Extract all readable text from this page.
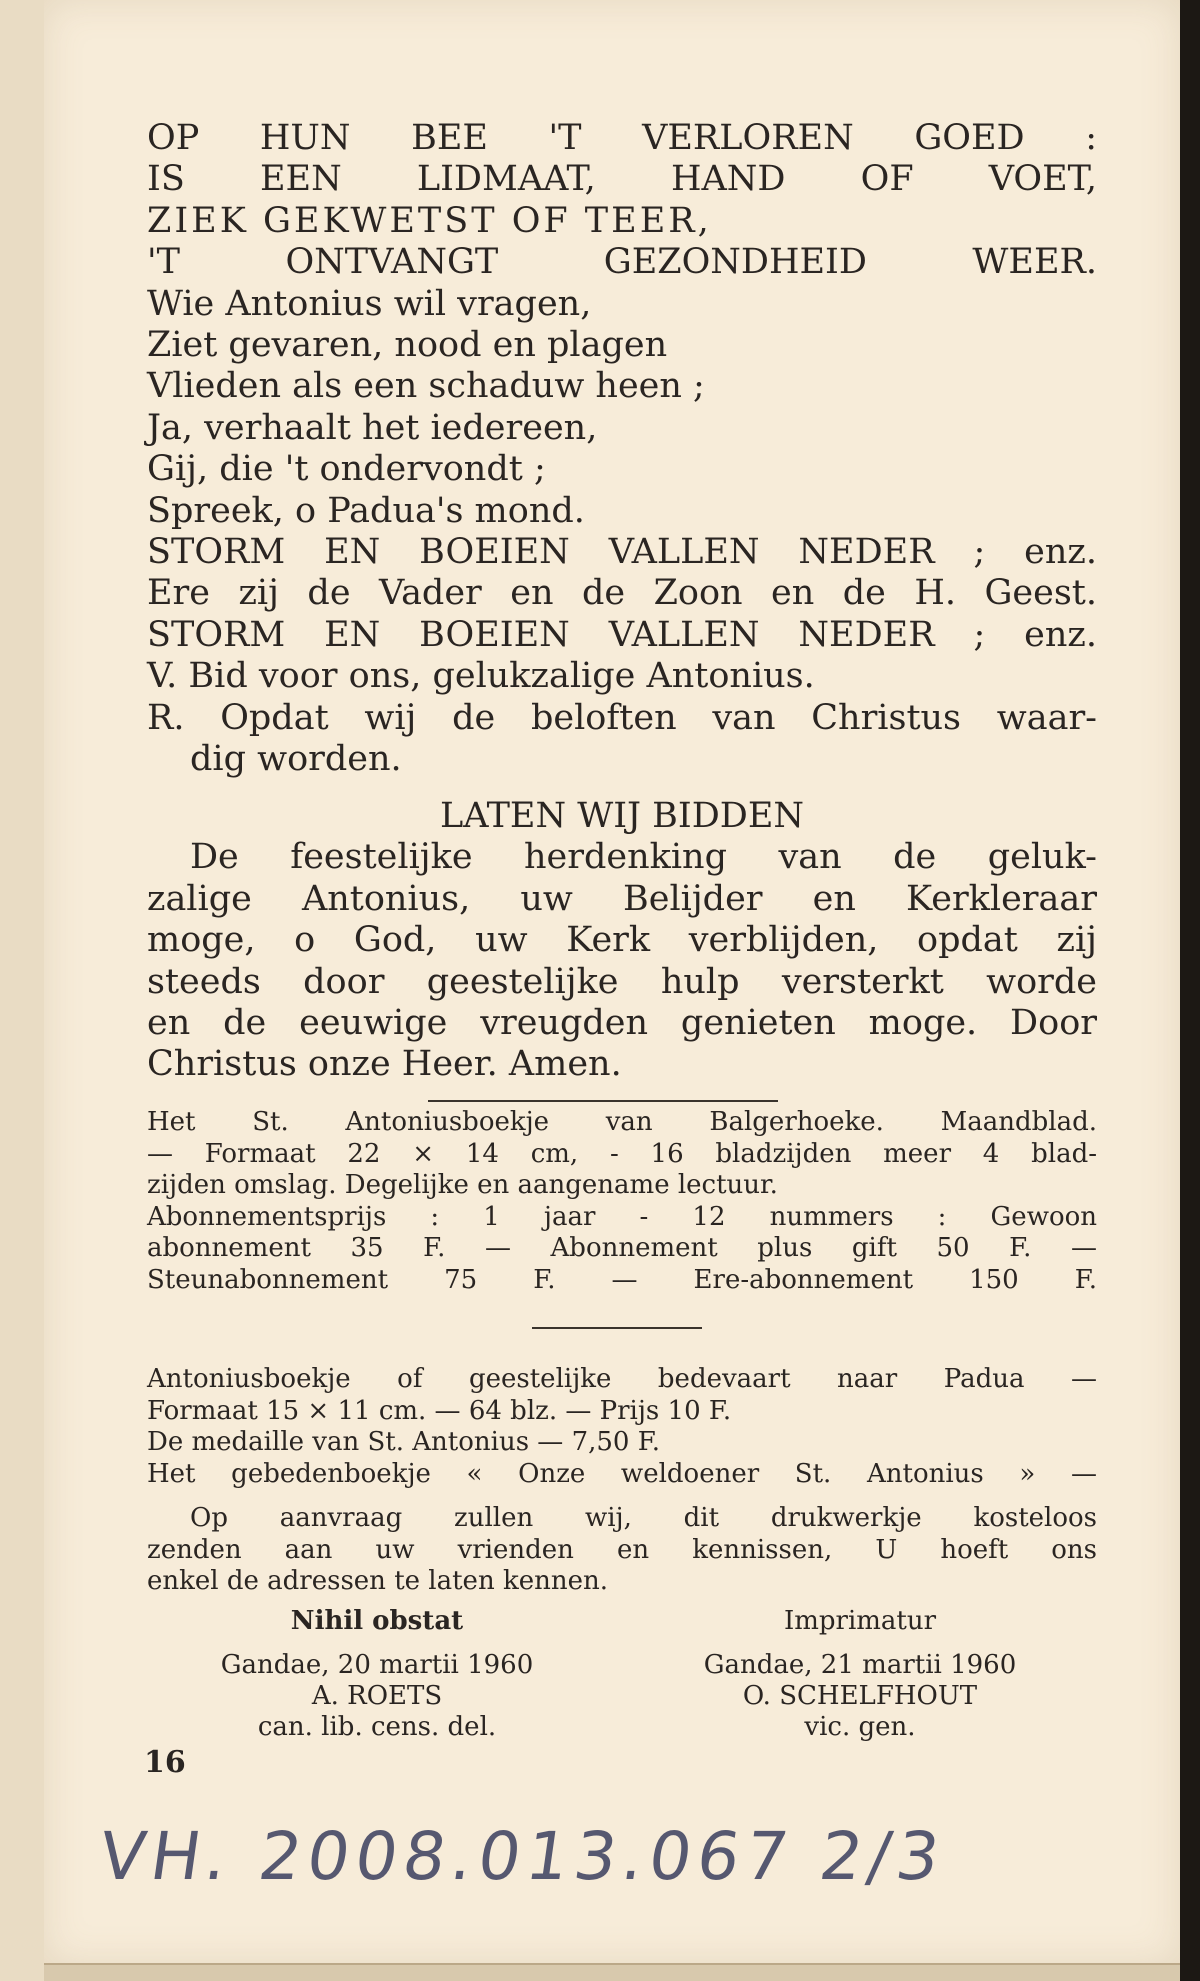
OP HUN BEE 'T VERLOREN GOED :
IS EEN LIDMAAT, HAND OF VOET,
ZIEK GEKWETST OF TEER,
'T ONTVANGT GEZONDHEID WEER.
Wie Antonius wil vragen,
Ziet gevaren, nood en plagen
Vlieden als een schaduw heen ;
Ja, verhaalt het iedereen,
Gij, die 't ondervondt ;
Spreek, o Padua's mond.
STORM EN BOEIEN VALLEN NEDER ; enz.
Ere zij de Vader en de Zoon en de H. Geest.
STORM EN BOEIEN VALLEN NEDER ; enz.
V. Bid voor ons, gelukzalige Antonius.
R. Opdat wij de beloften van Christus waar-
dig worden.
LATEN WIJ BIDDEN
De feestelijke herdenking van de geluk-
zalige Antonius, uw Belijder en Kerkleraar
moge, o God, uw Kerk verblijden, opdat zij
steeds door geestelijke hulp versterkt worde
en de eeuwige vreugden genieten moge. Door
Christus onze Heer. Amen.
Het St. Antoniusboekje van Balgerhoeke. Maandblad.
— Formaat 22 × 14 cm, - 16 bladzijden meer 4 blad-
zijden omslag. Degelijke en aangename lectuur.
Abonnementsprijs : 1 jaar - 12 nummers : Gewoon
abonnement 35 F. — Abonnement plus gift 50 F. —
Steunabonnement 75 F. — Ere-abonnement 150 F.
Antoniusboekje of geestelijke bedevaart naar Padua —
Formaat 15 × 11 cm. — 64 blz. — Prijs 10 F.
De medaille van St. Antonius — 7,50 F.
Het gebedenboekje « Onze weldoener St. Antonius » —
Op aanvraag zullen wij, dit drukwerkje kosteloos
zenden aan uw vrienden en kennissen, U hoeft ons
enkel de adressen te laten kennen.
Nihil obstat
Gandae, 20 martii 1960
A. ROETS
can. lib. cens. del.
Imprimatur
Gandae, 21 martii 1960
O. SCHELFHOUT
vic. gen.
16
VH. 2008.013.067 2/3
